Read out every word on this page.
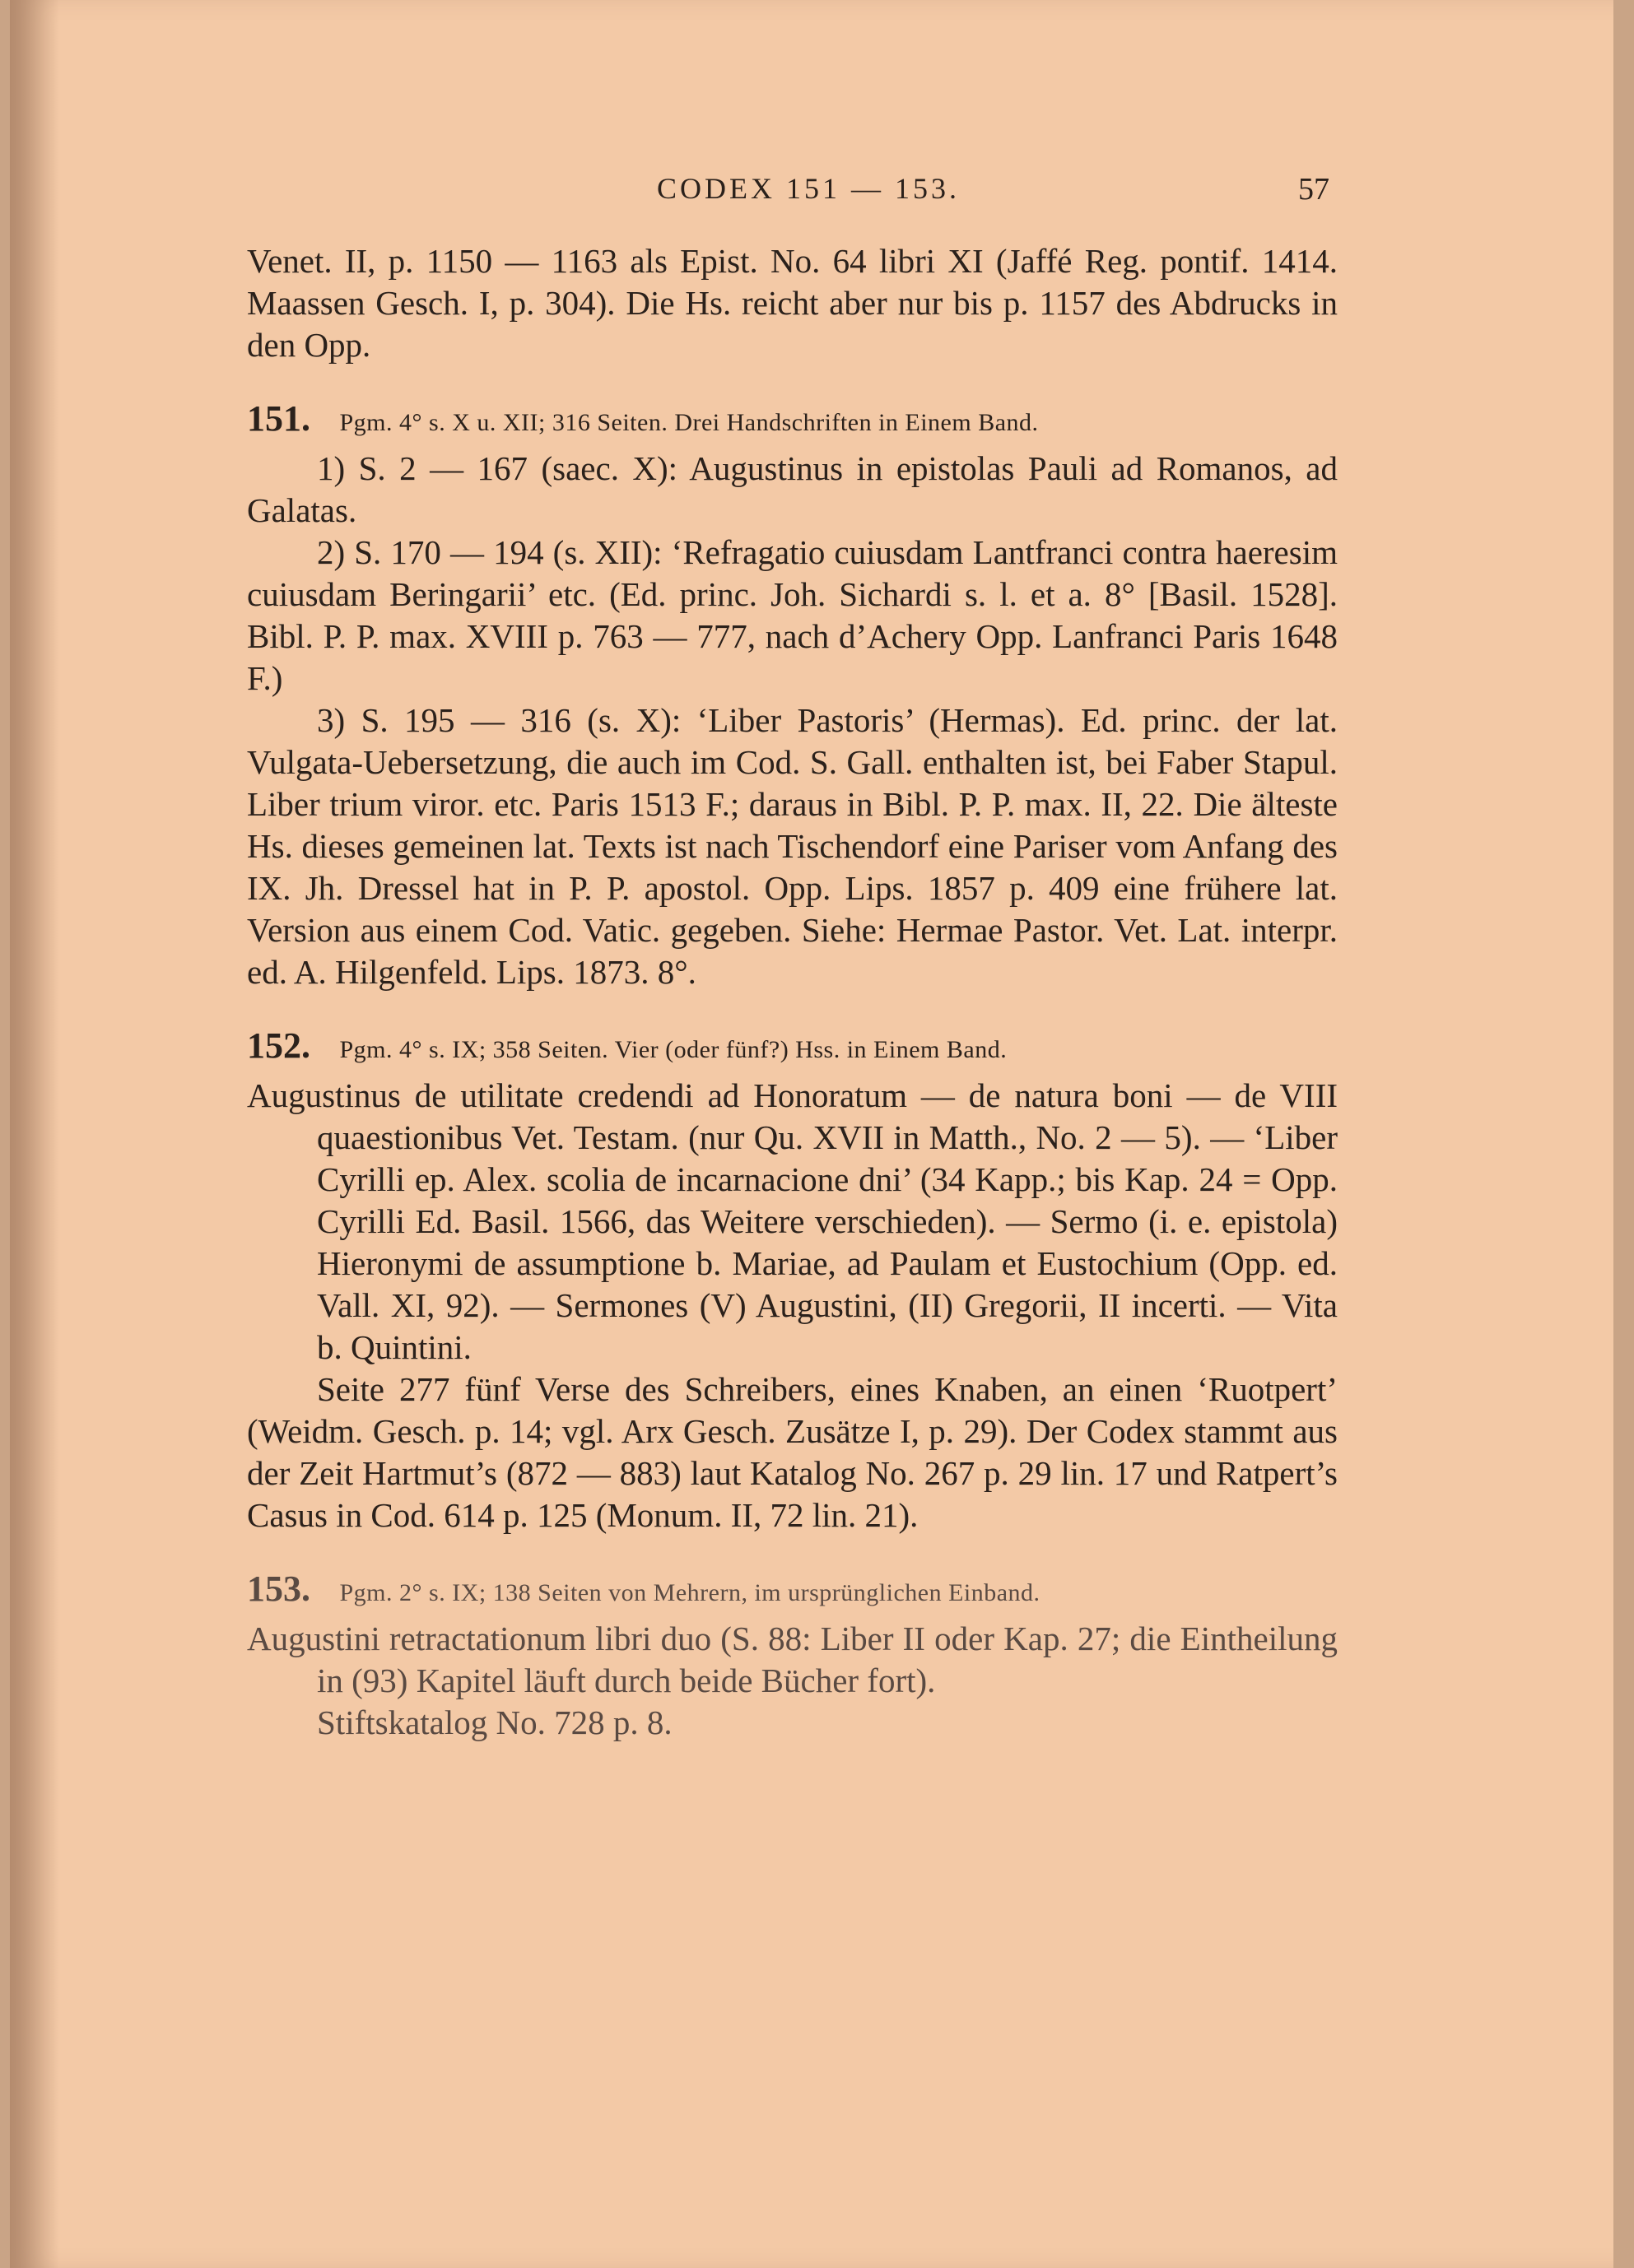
CODEX 151 — 153.	57

Venet. II, p. 1150 — 1163 als Epist. No. 64 libri XI (Jaffé Reg. pontif. 1414. Maassen Gesch. I, p. 304). Die Hs. reicht aber nur bis p. 1157 des Abdrucks in den Opp.

151. Pgm. 4° s. X u. XII; 316 Seiten. Drei Handschriften in Einem Band.

1) S. 2 — 167 (saec. X): Augustinus in epistolas Pauli ad Romanos, ad Galatas.

2) S. 170 — 194 (s. XII): ‘Refragatio cuiusdam Lantfranci contra haeresim cuiusdam Beringarii’ etc. (Ed. princ. Joh. Sichardi s. l. et a. 8° [Basil. 1528]. Bibl. P. P. max. XVIII p. 763 — 777, nach d’Achery Opp. Lanfranci Paris 1648 F.)

3) S. 195 — 316 (s. X): ‘Liber Pastoris’ (Hermas). Ed. princ. der lat. Vulgata-Uebersetzung, die auch im Cod. S. Gall. enthalten ist, bei Faber Stapul. Liber trium viror. etc. Paris 1513 F.; daraus in Bibl. P. P. max. II, 22. Die älteste Hs. dieses gemeinen lat. Texts ist nach Tischendorf eine Pariser vom Anfang des IX. Jh. Dressel hat in P. P. apostol. Opp. Lips. 1857 p. 409 eine frühere lat. Version aus einem Cod. Vatic. gegeben. Siehe: Hermae Pastor. Vet. Lat. interpr. ed. A. Hilgenfeld. Lips. 1873. 8°.

152. Pgm. 4° s. IX; 358 Seiten. Vier (oder fünf?) Hss. in Einem Band.

Augustinus de utilitate credendi ad Honoratum — de natura boni — de VIII quaestionibus Vet. Testam. (nur Qu. XVII in Matth., No. 2 — 5). — ‘Liber Cyrilli ep. Alex. scolia de incarnacione dni’ (34 Kapp.; bis Kap. 24 = Opp. Cyrilli Ed. Basil. 1566, das Weitere verschieden). — Sermo (i. e. epistola) Hieronymi de assumptione b. Mariae, ad Paulam et Eustochium (Opp. ed. Vall. XI, 92). — Sermones (V) Augustini, (II) Gregorii, II incerti. — Vita b. Quintini.

Seite 277 fünf Verse des Schreibers, eines Knaben, an einen ‘Ruotpert’ (Weidm. Gesch. p. 14; vgl. Arx Gesch. Zusätze I, p. 29). Der Codex stammt aus der Zeit Hartmut’s (872 — 883) laut Katalog No. 267 p. 29 lin. 17 und Ratpert’s Casus in Cod. 614 p. 125 (Monum. II, 72 lin. 21).

153. Pgm. 2° s. IX; 138 Seiten von Mehrern, im ursprünglichen Einband.

Augustini retractationum libri duo (S. 88: Liber II oder Kap. 27; die Eintheilung in (93) Kapitel läuft durch beide Bücher fort).

Stiftskatalog No. 728 p. 8.
